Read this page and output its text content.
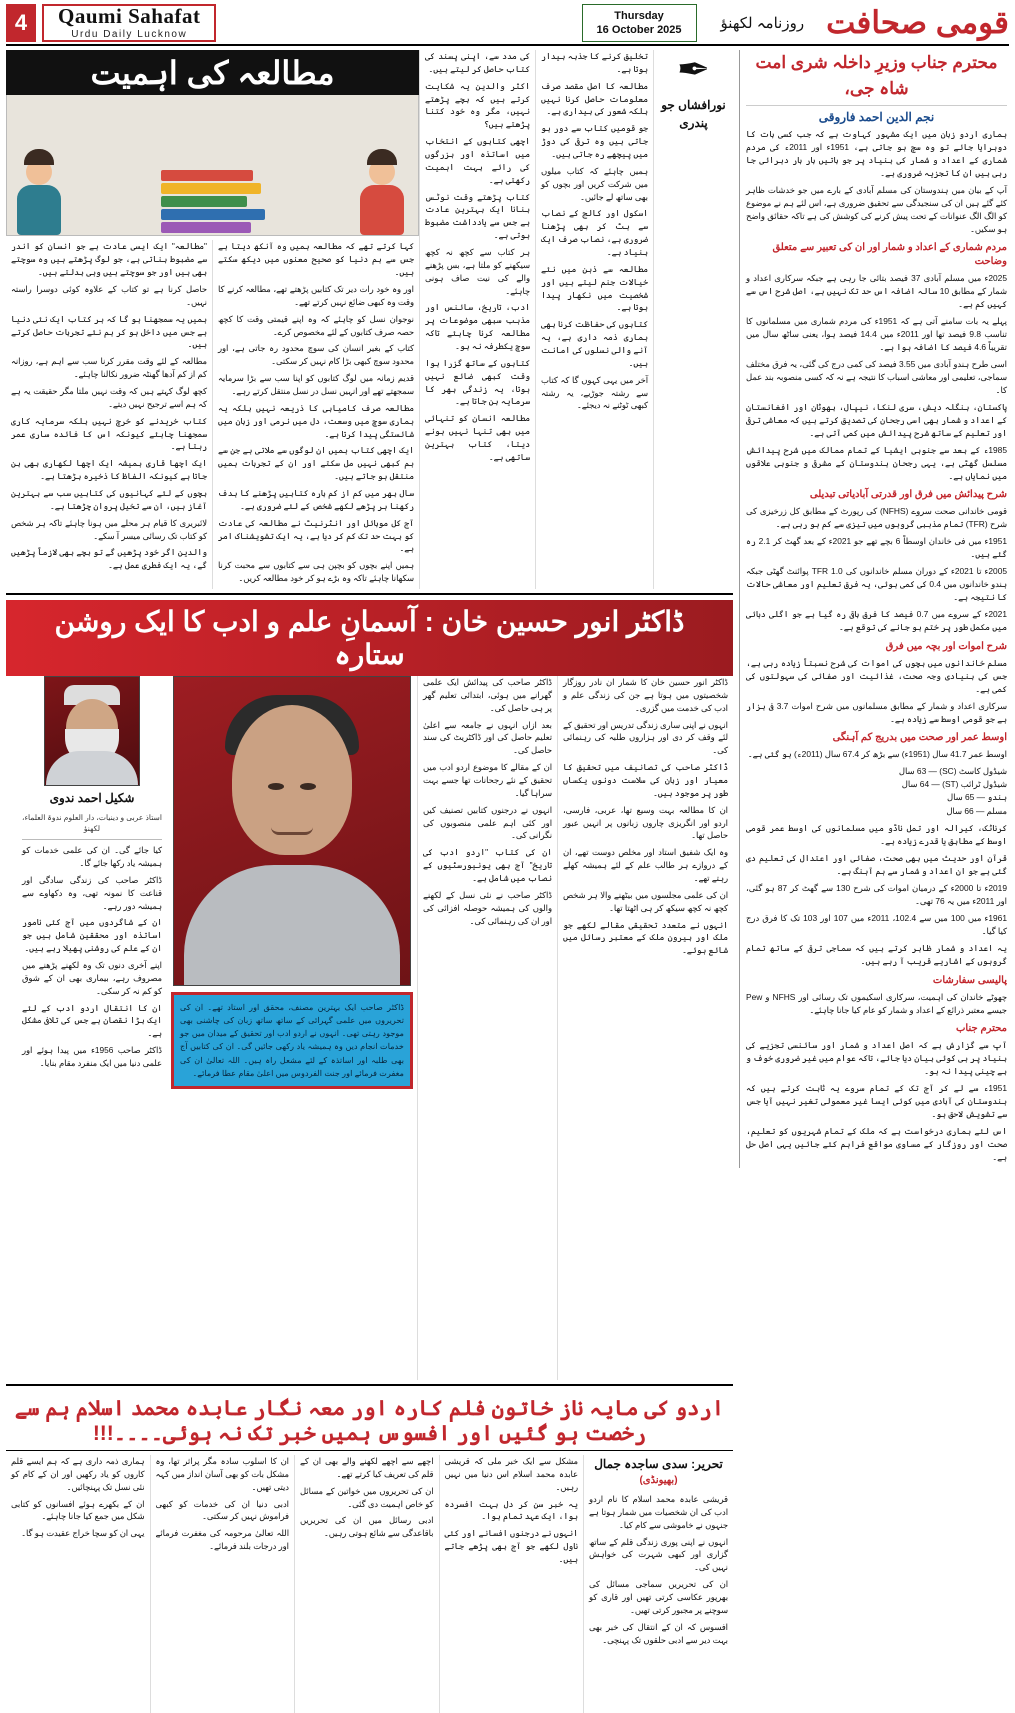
4	Qaumi Sahafat
Urdu Daily Lucknow
Thursday
16 October 2025	روزنامہ لکھنؤ قومی صحافت
محترم جناب وزیرِ داخلہ شری امت شاہ جی،
نجم الدین احمد فاروقی

ہماری اردو زبان میں ایک مشہور کہاوت ہے کہ جب کسی بات کا دوہرایا جائے تو وہ سچ ہو جاتی ہے، 1951ء اور 2011ء کی مردم شماری کے اعداد و شمار کی بنیاد پر جو باتیں بار بار دہرائی جا رہی ہیں ان کا تجزیہ ضروری ہے۔

آپ کے بیان میں ہندوستان کی مسلم آبادی کے بارے میں جو خدشات ظاہر کئے گئے ہیں ان کی سنجیدگی سے تحقیق ضروری ہے، اس لئے ہم نے موضوع کو الگ الگ عنوانات کے تحت پیش کرنے کی کوشش کی ہے تاکہ حقائق واضح ہو سکیں۔

مردم شماری کے اعداد و شمار اور ان کی تعبیر سے متعلق وضاحت

2025ء میں مسلم آبادی 37 فیصد بتائی جا رہی ہے جبکہ سرکاری اعداد و شمار کے مطابق 10 سالہ اضافہ اس حد تک نہیں ہے، اصل شرح اس سے کہیں کم ہے۔

پہلے یہ بات سامنے آتی ہے کہ 1951ء کی مردم شماری میں مسلمانوں کا تناسب 9.8 فیصد تھا اور 2011ء میں 14.4 فیصد ہوا، یعنی ساٹھ سال میں تقریباً 4.6 فیصد کا اضافہ ہوا ہے۔

اسی طرح ہندو آبادی میں 3.55 فیصد کی کمی درج کی گئی، یہ فرق مختلف سماجی، تعلیمی اور معاشی اسباب کا نتیجہ ہے نہ کہ کسی منصوبہ بند عمل کا۔

پاکستان، بنگلہ دیش، سری لنکا، نیپال، بھوٹان اور افغانستان کے اعداد و شمار بھی اسی رجحان کی تصدیق کرتے ہیں کہ معاشی ترقی اور تعلیم کے ساتھ شرح پیدائش میں کمی آتی ہے۔

1985ء کے بعد سے جنوبی ایشیا کے تمام ممالک میں شرح پیدائش مسلسل گھٹی ہے، یہی رجحان ہندوستان کے مشرقی و جنوبی علاقوں میں نمایاں ہے۔

شرح پیدائش میں فرق اور قدرتی آبادیاتی تبدیلی

قومی خاندانی صحت سروے (NFHS) کی رپورٹ کے مطابق کل زرخیزی کی شرح (TFR) تمام مذہبی گروہوں میں تیزی سے کم ہو رہی ہے۔

1951ء میں فی خاندان اوسطاً 6 بچے تھے جو 2021ء کے بعد گھٹ کر 2.1 رہ گئے ہیں۔

2005ء تا 2021ء کے دوران مسلم خاندانوں کی TFR 1.0 پوائنٹ گھٹی جبکہ ہندو خاندانوں میں 0.4 کی کمی ہوئی، یہ فرق تعلیم اور معاشی حالات کا نتیجہ ہے۔

2021ء کے سروے میں 0.7 فیصد کا فرق باقی رہ گیا ہے جو اگلی دہائی میں مکمل طور پر ختم ہو جانے کی توقع ہے۔

شرح اموات اور بچہ میں فرق

مسلم خاندانوں میں بچوں کی اموات کی شرح نسبتاً زیادہ رہی ہے، جس کی بنیادی وجہ صحت، غذائیت اور صفائی کی سہولتوں کی کمی ہے۔

سرکاری اعداد و شمار کے مطابق مسلمانوں میں شرح اموات 3.7 فی ہزار ہے جو قومی اوسط سے زیادہ ہے۔

اوسط عمر اور صحت میں بدریج کم آہنگی

اوسط عمر 41.7 سال (1951ء) سے بڑھ کر 67.4 سال (2011ء) ہو گئی ہے۔

شیڈول کاسٹ (SC) — 63 سال
شیڈول ٹرائب (ST) — 64 سال
ہندو — 65 سال
مسلم — 66 سال

کرناٹک، کیرالہ اور تمل ناڈو میں مسلمانوں کی اوسط عمر قومی اوسط کے مطابق یا قدرے زیادہ ہے۔

قرآن اور حدیث میں بھی صحت، صفائی اور اعتدال کی تعلیم دی گئی ہے جو ان اعداد و شمار سے ہم آہنگ ہے۔

2019ء تا 2000ء کے درمیان اموات کی شرح 130 سے گھٹ کر 87 ہو گئی، اور 2011ء میں یہ 76 تھی۔

1961ء میں 100 میں سے 102.4، 2011ء میں 107 اور 103 تک کا فرق درج کیا گیا۔

یہ اعداد و شمار ظاہر کرتے ہیں کہ سماجی ترقی کے ساتھ تمام گروہوں کے اشاریے قریب آ رہے ہیں۔

پالیسی سفارشات

چھوٹے خاندان کی اہمیت، سرکاری اسکیموں تک رسائی اور NFHS و Pew جیسے معتبر ذرائع کے اعداد و شمار کو عام کیا جانا چاہئے۔

محترم جناب

آپ سے گزارش ہے کہ اصل اعداد و شمار اور سائنسی تجزیے کی بنیاد پر ہی کوئی بیان دیا جائے، تاکہ عوام میں غیر ضروری خوف و بے چینی پیدا نہ ہو۔

1951ء سے لے کر آج تک کے تمام سروے یہ ثابت کرتے ہیں کہ ہندوستان کی آبادی میں کوئی ایسا غیر معمولی تغیر نہیں آیا جس سے تشویش لاحق ہو۔

اس لئے ہماری درخواست ہے کہ ملک کے تمام شہریوں کو تعلیم، صحت اور روزگار کے مساوی مواقع فراہم کئے جائیں یہی اصل حل ہے۔

✒
نورافشاں جو پندری

تخلیق کرنے کا جذبہ بیدار ہوتا ہے۔

مطالعہ کا اصل مقصد صرف معلومات حاصل کرنا نہیں بلکہ شعور کی بیداری ہے۔

جو قومیں کتاب سے دور ہو جاتی ہیں وہ ترقی کی دوڑ میں پیچھے رہ جاتی ہیں۔

ہمیں چاہئے کہ کتاب میلوں میں شرکت کریں اور بچوں کو بھی ساتھ لے جائیں۔

اسکول اور کالج کے نصاب سے ہٹ کر بھی پڑھنا ضروری ہے، نصاب صرف ایک بنیاد ہے۔

مطالعہ سے ذہن میں نئے خیالات جنم لیتے ہیں اور شخصیت میں نکھار پیدا ہوتا ہے۔

کتابوں کی حفاظت کرنا بھی ہماری ذمہ داری ہے، یہ آنے والی نسلوں کی امانت ہیں۔

آخر میں یہی کہوں گا کہ کتاب سے رشتہ جوڑیے، یہ رشتہ کبھی ٹوٹنے نہ دیجئے۔

کی مدد سے، اپنی پسند کی کتاب حاصل کر لیتے ہیں۔

اکثر والدین یہ شکایت کرتے ہیں کہ بچے پڑھتے نہیں، مگر وہ خود کتنا پڑھتے ہیں؟

اچھی کتابوں کے انتخاب میں اساتذہ اور بزرگوں کی رائے بہت اہمیت رکھتی ہے۔

کتاب پڑھتے وقت نوٹس بنانا ایک بہترین عادت ہے جس سے یادداشت مضبوط ہوتی ہے۔

ہر کتاب سے کچھ نہ کچھ سیکھنے کو ملتا ہے، بس پڑھنے والے کی نیت صاف ہونی چاہئے۔

ادب، تاریخ، سائنس اور مذہب سبھی موضوعات پر مطالعہ کرنا چاہئے تاکہ سوچ یکطرفہ نہ ہو۔

کتابوں کے ساتھ گزرا ہوا وقت کبھی ضائع نہیں ہوتا، یہ زندگی بھر کا سرمایہ بن جاتا ہے۔

مطالعہ انسان کو تنہائی میں بھی تنہا نہیں ہونے دیتا، کتاب بہترین ساتھی ہے۔

مطالعہ کی اہمیت

کہا کرتے تھے کہ مطالعہ ہمیں وہ آنکھ دیتا ہے جس سے ہم دنیا کو صحیح معنوں میں دیکھ سکتے ہیں۔

اور وہ خود رات دیر تک کتابیں پڑھتے تھے، مطالعہ کرنے کا وقت وہ کبھی ضائع نہیں کرتے تھے۔

نوجوان نسل کو چاہئے کہ وہ اپنے قیمتی وقت کا کچھ حصہ صرف کتابوں کے لئے مخصوص کرے۔

کتاب کے بغیر انسان کی سوچ محدود رہ جاتی ہے، اور محدود سوچ کبھی بڑا کام نہیں کر سکتی۔

قدیم زمانہ میں لوگ کتابوں کو اپنا سب سے بڑا سرمایہ سمجھتے تھے اور انہیں نسل در نسل منتقل کرتے رہے۔

مطالعہ صرف کامیابی کا ذریعہ نہیں بلکہ یہ ہماری سوچ میں وسعت، دل میں نرمی اور زبان میں شائستگی پیدا کرتا ہے۔

ایک اچھی کتاب ہمیں ان لوگوں سے ملاتی ہے جن سے ہم کبھی نہیں مل سکتے اور ان کے تجربات ہمیں منتقل ہو جاتے ہیں۔

سال بھر میں کم از کم بارہ کتابیں پڑھنے کا ہدف رکھنا ہر پڑھے لکھے شخص کے لئے ضروری ہے۔

آج کل موبائل اور انٹرنیٹ نے مطالعہ کی عادت کو بہت حد تک کم کر دیا ہے، یہ ایک تشویشناک امر ہے۔

ہمیں اپنے بچوں کو بچپن ہی سے کتابوں سے محبت کرنا سکھانا چاہئے تاکہ وہ بڑے ہو کر خود مطالعہ کریں۔

"مطالعہ" ایک ایسی عادت ہے جو انسان کو اندر سے مضبوط بناتی ہے، جو لوگ پڑھتے ہیں وہ سوچتے بھی ہیں اور جو سوچتے ہیں وہی بدلتے ہیں۔

حاصل کرنا ہے تو کتاب کے علاوہ کوئی دوسرا راستہ نہیں۔

ہمیں یہ سمجھنا ہو گا کہ ہر کتاب ایک نئی دنیا ہے جس میں داخل ہو کر ہم نئے تجربات حاصل کرتے ہیں۔

مطالعہ کے لئے وقت مقرر کرنا سب سے اہم ہے، روزانہ کم از کم آدھا گھنٹہ ضرور نکالنا چاہئے۔

کچھ لوگ کہتے ہیں کہ وقت نہیں ملتا مگر حقیقت یہ ہے کہ ہم اسے ترجیح نہیں دیتے۔

کتاب خریدنے کو خرچ نہیں بلکہ سرمایہ کاری سمجھنا چاہئے کیونکہ اس کا فائدہ ساری عمر رہتا ہے۔

ایک اچھا قاری ہمیشہ ایک اچھا لکھاری بھی بن جاتا ہے کیونکہ الفاظ کا ذخیرہ بڑھتا ہے۔

بچوں کے لئے کہانیوں کی کتابیں سب سے بہترین آغاز ہیں، ان سے تخیل پروان چڑھتا ہے۔

لائبریری کا قیام ہر محلے میں ہونا چاہئے تاکہ ہر شخص کو کتاب تک رسائی میسر آ سکے۔

والدین اگر خود پڑھیں گے تو بچے بھی لازماً پڑھیں گے، یہ ایک فطری عمل ہے۔

ڈاکٹر انور حسین خان : آسمانِ علم و ادب کا ایک روشن ستارہ

ڈاکٹر انور حسین خان کا شمار ان نادر روزگار شخصیتوں میں ہوتا ہے جن کی زندگی علم و ادب کی خدمت میں گزری۔

انہوں نے اپنی ساری زندگی تدریس اور تحقیق کے لئے وقف کر دی اور ہزاروں طلبہ کی رہنمائی کی۔

ڈاکٹر صاحب کی تصانیف میں تحقیق کا معیار اور زبان کی سلاست دونوں یکساں طور پر موجود ہیں۔

ان کا مطالعہ بہت وسیع تھا، عربی، فارسی، اردو اور انگریزی چاروں زبانوں پر انہیں عبور حاصل تھا۔

وہ ایک شفیق استاد اور مخلص دوست تھے، ان کے دروازے ہر طالب علم کے لئے ہمیشہ کھلے رہتے تھے۔

ان کی علمی مجلسوں میں بیٹھنے والا ہر شخص کچھ نہ کچھ سیکھ کر ہی اٹھتا تھا۔

انہوں نے متعدد تحقیقی مقالے لکھے جو ملک اور بیرون ملک کے معتبر رسائل میں شائع ہوئے۔

ڈاکٹر صاحب کی پیدائش ایک علمی گھرانے میں ہوئی، ابتدائی تعلیم گھر پر ہی حاصل کی۔

بعد ازاں انہوں نے جامعہ سے اعلیٰ تعلیم حاصل کی اور ڈاکٹریٹ کی سند حاصل کی۔

ان کے مقالے کا موضوع اردو ادب میں تحقیق کے نئے رجحانات تھا جسے بہت سراہا گیا۔

انہوں نے درجنوں کتابیں تصنیف کیں اور کئی اہم علمی منصوبوں کی نگرانی کی۔

ان کی کتاب "اردو ادب کی تاریخ" آج بھی یونیورسٹیوں کے نصاب میں شامل ہے۔

ڈاکٹر صاحب نے نئی نسل کے لکھنے والوں کی ہمیشہ حوصلہ افزائی کی اور ان کی رہنمائی کی۔

ڈاکٹر صاحب ایک بہترین مصنف، محقق اور استاد تھے۔ ان کی تحریروں میں علمی گہرائی کے ساتھ ساتھ زبان کی چاشنی بھی موجود رہتی تھی۔ انہوں نے اردو ادب اور تحقیق کے میدان میں جو خدمات انجام دیں وہ ہمیشہ یاد رکھی جائیں گی۔ ان کی کتابیں آج بھی طلبہ اور اساتذہ کے لئے مشعل راہ ہیں۔ اللہ تعالیٰ ان کی مغفرت فرمائے اور جنت الفردوس میں اعلیٰ مقام عطا فرمائے۔
شکیل احمد ندوی

استاذ عربی و دینیات، دار العلوم ندوۃ العلماء، لکھنؤ

کیا جائے گی۔ ان کی علمی خدمات کو ہمیشہ یاد رکھا جائے گا۔

ڈاکٹر صاحب کی زندگی سادگی اور قناعت کا نمونہ تھی، وہ دکھاوے سے ہمیشہ دور رہے۔

ان کے شاگردوں میں آج کئی نامور اساتذہ اور محققین شامل ہیں جو ان کے علم کی روشنی پھیلا رہے ہیں۔

اپنے آخری دنوں تک وہ لکھنے پڑھنے میں مصروف رہے، بیماری بھی ان کے شوق کو کم نہ کر سکی۔

ان کا انتقال اردو ادب کے لئے ایک بڑا نقصان ہے جس کی تلافی مشکل ہے۔

ڈاکٹر صاحب 1956ء میں پیدا ہوئے اور علمی دنیا میں ایک منفرد مقام بنایا۔

اردو کی مایہ ناز خاتون فلم کارہ اور معہ نگار عابدہ محمد اسلام ہم سے رخصت ہو گئیں اور افسوس ہمیں خبر تک نہ ہوئی۔۔۔۔!!!
تحریر: سدی ساجدہ جمال
(بھیونڈی)

قریشی عابدہ محمد اسلام کا نام اردو ادب کی ان شخصیات میں شمار ہوتا ہے جنہوں نے خاموشی سے کام کیا۔

انہوں نے اپنی پوری زندگی قلم کے ساتھ گزاری اور کبھی شہرت کی خواہش نہیں کی۔

ان کی تحریریں سماجی مسائل کی بھرپور عکاسی کرتی تھیں اور قاری کو سوچنے پر مجبور کرتی تھیں۔

افسوس کہ ان کے انتقال کی خبر بھی بہت دیر سے ادبی حلقوں تک پہنچی۔

مشکل سے ایک خبر ملی کہ قریشی عابدہ محمد اسلام اس دنیا میں نہیں رہیں۔

یہ خبر سن کر دل بہت افسردہ ہوا، ایک عہد تمام ہوا۔

انہوں نے درجنوں افسانے اور کئی ناول لکھے جو آج بھی پڑھے جاتے ہیں۔

اچھے سے اچھے لکھنے والے بھی ان کے قلم کی تعریف کیا کرتے تھے۔

ان کی تحریروں میں خواتین کے مسائل کو خاص اہمیت دی گئی۔

ادبی رسائل میں ان کی تحریریں باقاعدگی سے شائع ہوتی رہیں۔

ان کا اسلوب سادہ مگر پراثر تھا، وہ مشکل بات کو بھی آسان انداز میں کہہ دیتی تھیں۔

ادبی دنیا ان کی خدمات کو کبھی فراموش نہیں کر سکتی۔

اللہ تعالیٰ مرحومہ کی مغفرت فرمائے اور درجات بلند فرمائے۔

ہماری ذمہ داری ہے کہ ہم ایسے قلم کاروں کو یاد رکھیں اور ان کے کام کو نئی نسل تک پہنچائیں۔

ان کے بکھرے ہوئے افسانوں کو کتابی شکل میں جمع کیا جانا چاہئے۔

یہی ان کو سچا خراج عقیدت ہو گا۔
